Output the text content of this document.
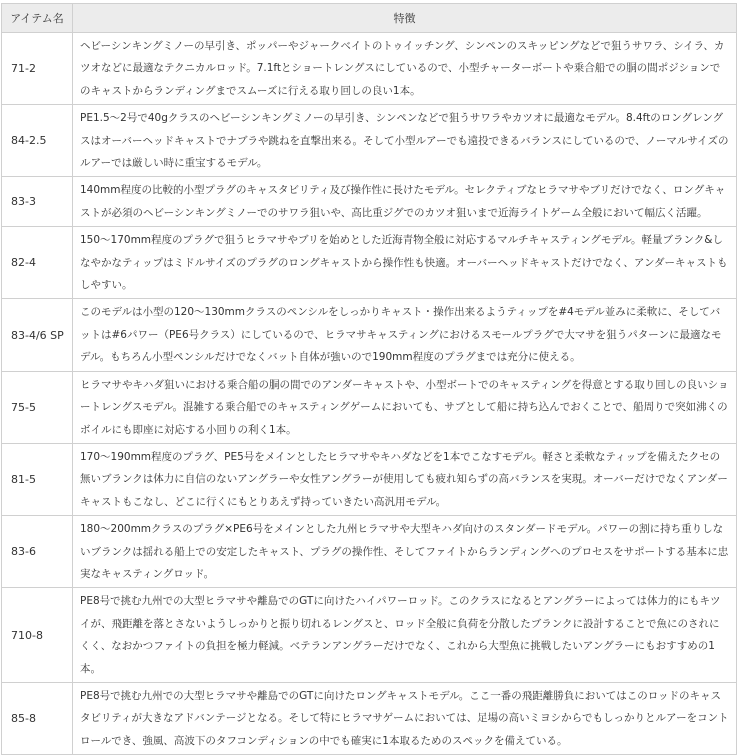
アイテム名	特徴
71-2	ヘビーシンキングミノーの早引き、ポッパーやジャークベイトのトゥイッチング、シンペンのスキッピングなどで狙うサワラ、シイラ、カツオなどに最適なテクニカルロッド。7.1ftとショートレングスにしているので、小型チャーターボートや乗合船での胴の間ポジションでのキャストからランディングまでスムーズに行える取り回しの良い1本。
84-2.5	PE1.5〜2号で40gクラスのヘビーシンキングミノーの早引き、シンペンなどで狙うサワラやカツオに最適なモデル。8.4ftのロングレングスはオーバーヘッドキャストでナブラや跳ねを直撃出来る。そして小型ルアーでも遠投できるバランスにしているので、ノーマルサイズのルアーでは厳しい時に重宝するモデル。
83-3	140mm程度の比較的小型プラグのキャスタビリティ及び操作性に長けたモデル。セレクティブなヒラマサやブリだけでなく、ロングキャストが必須のヘビーシンキングミノーでのサワラ狙いや、高比重ジグでのカツオ狙いまで近海ライトゲーム全般において幅広く活躍。
82-4	150〜170mm程度のプラグで狙うヒラマサやブリを始めとした近海青物全般に対応するマルチキャスティングモデル。軽量ブランク&しなやかなティップはミドルサイズのプラグのロングキャストから操作性も快適。オーバーヘッドキャストだけでなく、アンダーキャストもしやすい。
83-4/6 SP	このモデルは小型の120〜130mmクラスのペンシルをしっかりキャスト・操作出来るようティップを#4モデル並みに柔軟に、そしてバットは#6パワー（PE6号クラス）にしているので、ヒラマサキャスティングにおけるスモールプラグで大マサを狙うパターンに最適なモデル。もちろん小型ペンシルだけでなくバット自体が強いので190mm程度のプラグまでは充分に使える。
75-5	ヒラマサやキハダ狙いにおける乗合船の胴の間でのアンダーキャストや、小型ボートでのキャスティングを得意とする取り回しの良いショートレングスモデル。混雑する乗合船でのキャスティングゲームにおいても、サブとして船に持ち込んでおくことで、船周りで突如沸くのボイルにも即座に対応する小回りの利く1本。
81-5	170〜190mm程度のプラグ、PE5号をメインとしたヒラマサやキハダなどを1本でこなすモデル。軽さと柔軟なティップを備えたクセの無いブランクは体力に自信のないアングラーや女性アングラーが使用しても疲れ知らずの高バランスを実現。オーバーだけでなくアンダーキャストもこなし、どこに行くにもとりあえず持っていきたい高汎用モデル。
83-6	180〜200mmクラスのプラグ×PE6号をメインとした九州ヒラマサや大型キハダ向けのスタンダードモデル。パワーの割に持ち重りしないブランクは揺れる船上での安定したキャスト、プラグの操作性、そしてファイトからランディングへのプロセスをサポートする基本に忠実なキャスティングロッド。
710-8	PE8号で挑む九州での大型ヒラマサや離島でのGTに向けたハイパワーロッド。このクラスになるとアングラーによっては体力的にもキツイが、飛距離を落とさないようしっかりと振り切れるレングスと、ロッド全般に負荷を分散したブランクに設計することで魚にのされにくく、なおかつファイトの負担を極力軽減。ベテランアングラーだけでなく、これから大型魚に挑戦したいアングラーにもおすすめの1本。
85-8	PE8号で挑む九州での大型ヒラマサや離島でのGTに向けたロングキャストモデル。ここ一番の飛距離勝負においてはこのロッドのキャスタビリティが大きなアドバンテージとなる。そして特にヒラマサゲームにおいては、足場の高いミヨシからでもしっかりとルアーをコントロールでき、強風、高波下のタフコンディションの中でも確実に1本取るためのスペックを備えている。
